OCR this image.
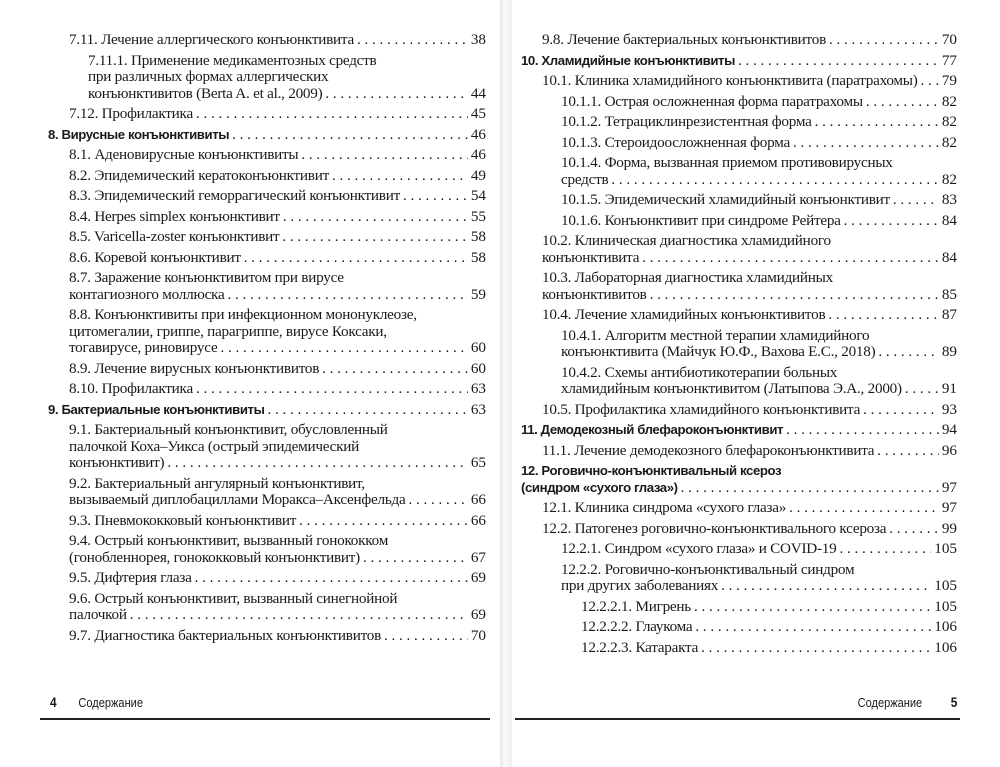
7.11. Лечение аллергического конъюнктивита . . .	38
7.11.1. Применение медикаментозных средств
при различных формах аллергических
конъюнктивитов (Berta A. et al., 2009) . . .	44
7.12. Профилактика . . .	45
8. Вирусные конъюнктивиты . . .	46
8.1. Аденовирусные конъюнктивиты . . .	46
8.2. Эпидемический кератоконъюнктивит . . .	49
8.3. Эпидемический геморрагический конъюнктивит . . .	54
8.4. Herpes simplex конъюнктивит . . .	55
8.5. Varicella-zoster конъюнктивит . . .	58
8.6. Коревой конъюнктивит . . .	58
8.7. Заражение конъюнктивитом при вирусе
контагиозного моллюска . . .	59
8.8. Конъюнктивиты при инфекционном мононуклеозе,
цитомегалии, гриппе, парагриппе, вирусе Коксаки,
тогавирусе, риновирусе . . .	60
8.9. Лечение вирусных конъюнктивитов . . .	60
8.10. Профилактика . . .	63
9. Бактериальные конъюнктивиты . . .	63
9.1. Бактериальный конъюнктивит, обусловленный
палочкой Коха–Уикса (острый эпидемический
конъюнктивит) . . .	65
9.2. Бактериальный ангулярный конъюнктивит,
вызываемый диплобациллами Моракса–Аксенфельда . . .	66
9.3. Пневмококковый конъюнктивит . . .	66
9.4. Острый конъюнктивит, вызванный гонококком
(гонобленнорея, гонококковый конъюнктивит) . . .	67
9.5. Дифтерия глаза . . .	69
9.6. Острый конъюнктивит, вызванный синегнойной
палочкой . . .	69
9.7. Диагностика бактериальных конъюнктивитов . . .	70
9.8. Лечение бактериальных конъюнктивитов . . .	70
10. Хламидийные конъюнктивиты . . .	77
10.1. Клиника хламидийного конъюнктивита (паратрахомы) . . . 79
10.1.1. Острая осложненная форма паратрахомы . . .	82
10.1.2. Тетрациклинрезистентная форма . . .	82
10.1.3. Стероидоосложненная форма . . .	82
10.1.4. Форма, вызванная приемом противовирусных
средств . . .	82
10.1.5. Эпидемический хламидийный конъюнктивит . . .	83
10.1.6. Конъюнктивит при синдроме Рейтера . . .	84
10.2. Клиническая диагностика хламидийного
конъюнктивита . . .	84
10.3. Лабораторная диагностика хламидийных
конъюнктивитов . . .	85
10.4. Лечение хламидийных конъюнктивитов . . .	87
10.4.1. Алгоритм местной терапии хламидийного
конъюнктивита (Майчук Ю.Ф., Вахова Е.С., 2018) . . .	89
10.4.2. Схемы антибиотикотерапии больных
хламидийным конъюнктивитом (Латыпова Э.А., 2000) . . .	91
10.5. Профилактика хламидийного конъюнктивита . . .	93
11. Демодекозный блефароконъюнктивит . . .	94
11.1. Лечение демодекозного блефароконъюнктивита . . .	96
12. Роговично-конъюнктивальный ксероз
(синдром «сухого глаза») . . .	97
12.1. Клиника синдрома «сухого глаза» . . .	97
12.2. Патогенез роговично-конъюнктивального ксероза . . .	99
12.2.1. Синдром «сухого глаза» и COVID-19 . . .	105
12.2.2. Роговично-конъюнктивальный синдром
при других заболеваниях . . .	105
12.2.2.1. Мигрень . . .	105
12.2.2.2. Глаукома . . .	106
12.2.2.3. Катаракта . . .	106
4 Содержание	Содержание 5
